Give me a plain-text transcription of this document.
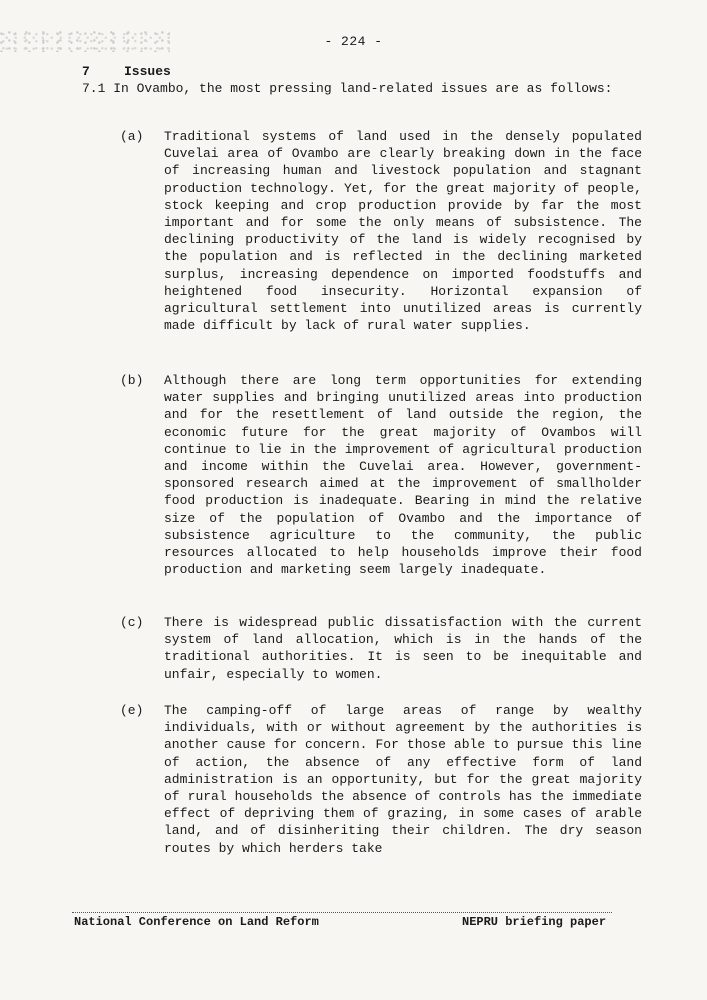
- 224 -
7	Issues
7.1 In Ovambo, the most pressing land-related issues are as follows:
(a)	Traditional systems of land used in the densely populated Cuvelai area of Ovambo are clearly breaking down in the face of increasing human and livestock population and stagnant production technology. Yet, for the great majority of people, stock keeping and crop production provide by far the most important and for some the only means of subsistence. The declining productivity of the land is widely recognised by the population and is reflected in the declining marketed surplus, increasing dependence on imported foodstuffs and heightened food insecurity. Horizontal expansion of agricultural settlement into unutilized areas is currently made difficult by lack of rural water supplies.
(b)	Although there are long term opportunities for extending water supplies and bringing unutilized areas into production and for the resettlement of land outside the region, the economic future for the great majority of Ovambos will continue to lie in the improvement of agricultural production and income within the Cuvelai area. However, government-sponsored research aimed at the improvement of smallholder food production is inadequate. Bearing in mind the relative size of the population of Ovambo and the importance of subsistence agriculture to the community, the public resources allocated to help households improve their food production and marketing seem largely inadequate.
(c)	There is widespread public dissatisfaction with the current system of land allocation, which is in the hands of the traditional authorities. It is seen to be inequitable and unfair, especially to women.
(e)	The camping-off of large areas of range by wealthy individuals, with or without agreement by the authorities is another cause for concern. For those able to pursue this line of action, the absence of any effective form of land administration is an opportunity, but for the great majority of rural households the absence of controls has the immediate effect of depriving them of grazing, in some cases of arable land, and of disinheriting their children. The dry season routes by which herders take
National Conference on Land Reform	NEPRU briefing paper
